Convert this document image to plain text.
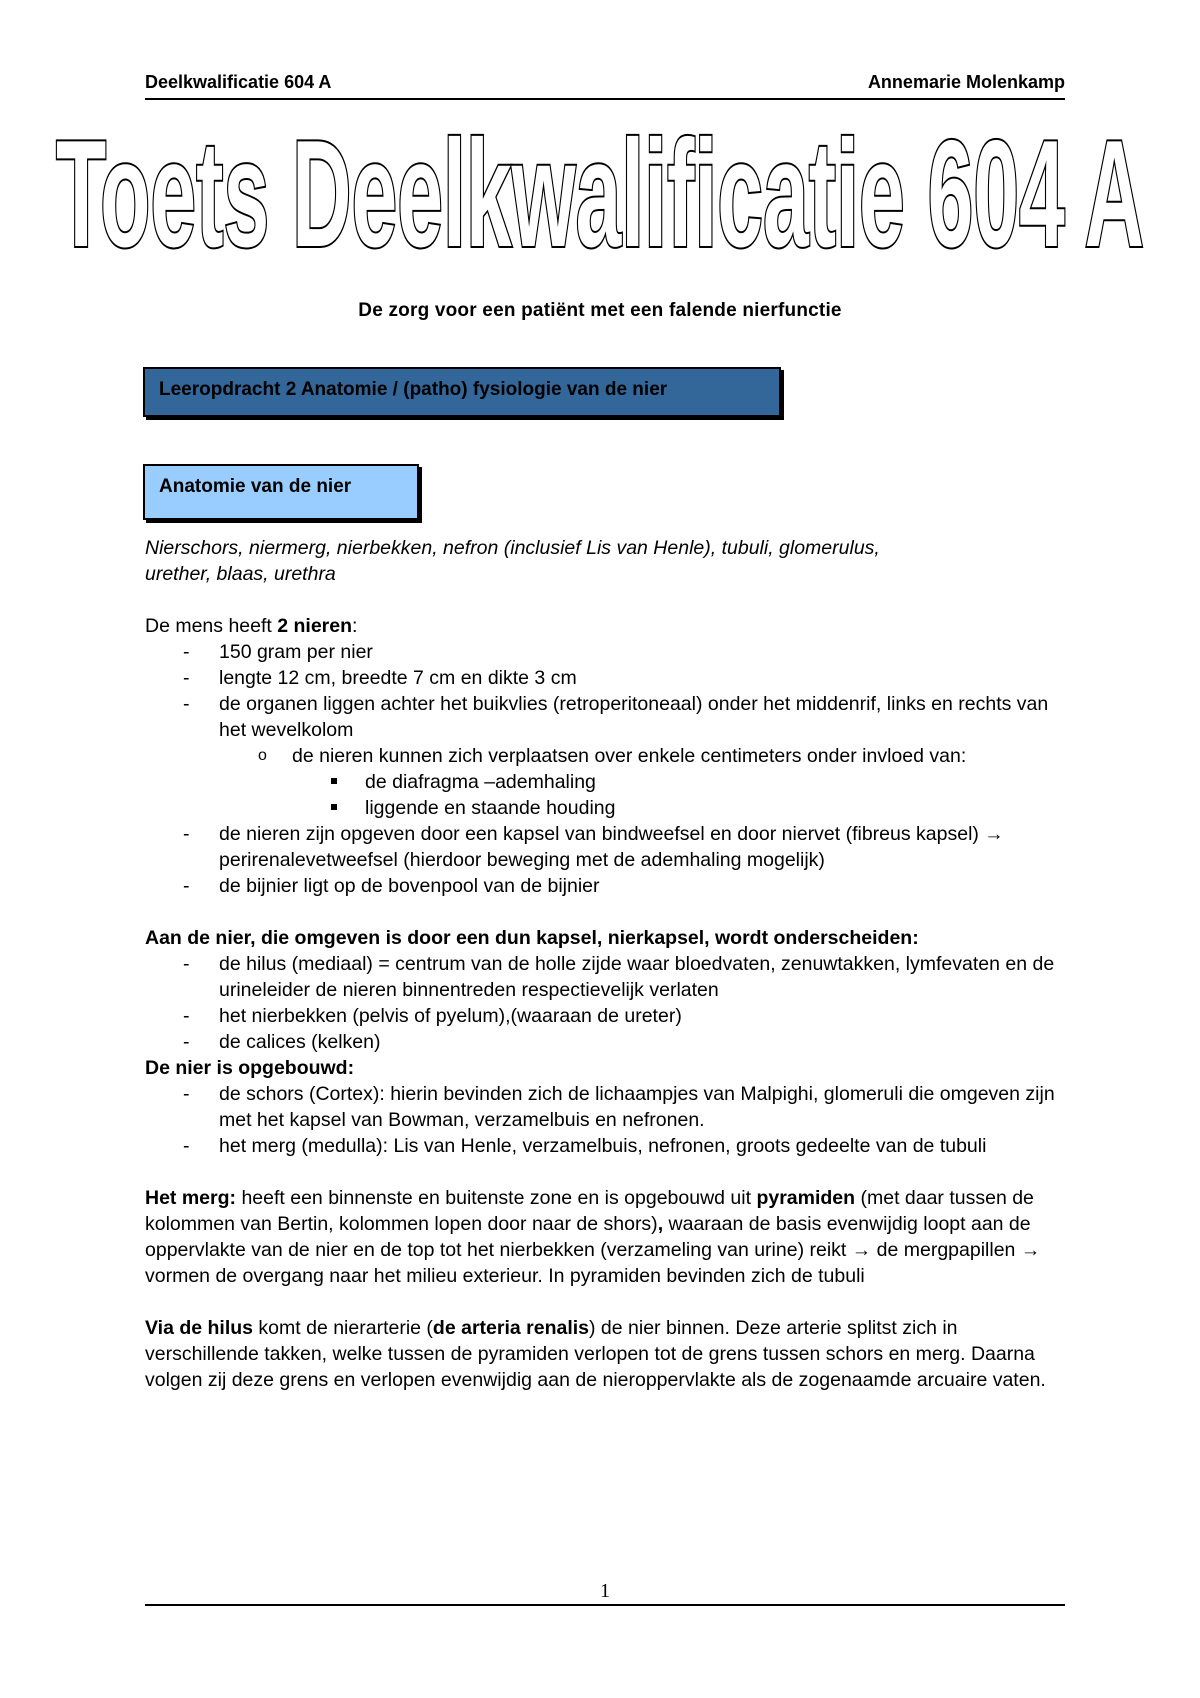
Deelkwalificatie 604 A	Annemarie Molenkamp
Toets Deelkwalificatie 604 A
De zorg voor een patiënt met een falende nierfunctie
Leeropdracht 2 Anatomie / (patho) fysiologie van de nier
Anatomie van de nier

Nierschors, niermerg, nierbekken, nefron (inclusief Lis van Henle), tubuli, glomerulus,

urether, blaas, urethra

De mens heeft 2 nieren:

- 150 gram per nier
- lengte 12 cm, breedte 7 cm en dikte 3 cm
- de organen liggen achter het buikvlies (retroperitoneaal) onder het middenrif, links en rechts van het wevelkolom
o de nieren kunnen zich verplaatsen over enkele centimeters onder invloed van:
de diafragma –ademhaling
liggende en staande houding
- de nieren zijn opgeven door een kapsel van bindweefsel en door niervet (fibreus kapsel) → perirenalevetweefsel (hierdoor beweging met de ademhaling mogelijk)
- de bijnier ligt op de bovenpool van de bijnier

Aan de nier, die omgeven is door een dun kapsel, nierkapsel, wordt onderscheiden:

- de hilus (mediaal) = centrum van de holle zijde waar bloedvaten, zenuwtakken, lymfevaten en de urineleider de nieren binnentreden respectievelijk verlaten
- het nierbekken (pelvis of pyelum),(waaraan de ureter)
- de calices (kelken)

De nier is opgebouwd:

- de schors (Cortex): hierin bevinden zich de lichaampjes van Malpighi, glomeruli die omgeven zijn met het kapsel van Bowman, verzamelbuis en nefronen.
- het merg (medulla): Lis van Henle, verzamelbuis, nefronen, groots gedeelte van de tubuli

Het merg: heeft een binnenste en buitenste zone en is opgebouwd uit pyramiden (met daar tussen de kolommen van Bertin, kolommen lopen door naar de shors), waaraan de basis evenwijdig loopt aan de oppervlakte van de nier en de top tot het nierbekken (verzameling van urine) reikt → de mergpapillen → vormen de overgang naar het milieu exterieur. In pyramiden bevinden zich de tubuli

Via de hilus komt de nierarterie (de arteria renalis) de nier binnen. Deze arterie splitst zich in verschillende takken, welke tussen de pyramiden verlopen tot de grens tussen schors en merg. Daarna volgen zij deze grens en verlopen evenwijdig aan de nieroppervlakte als de zogenaamde arcuaire vaten.

1
